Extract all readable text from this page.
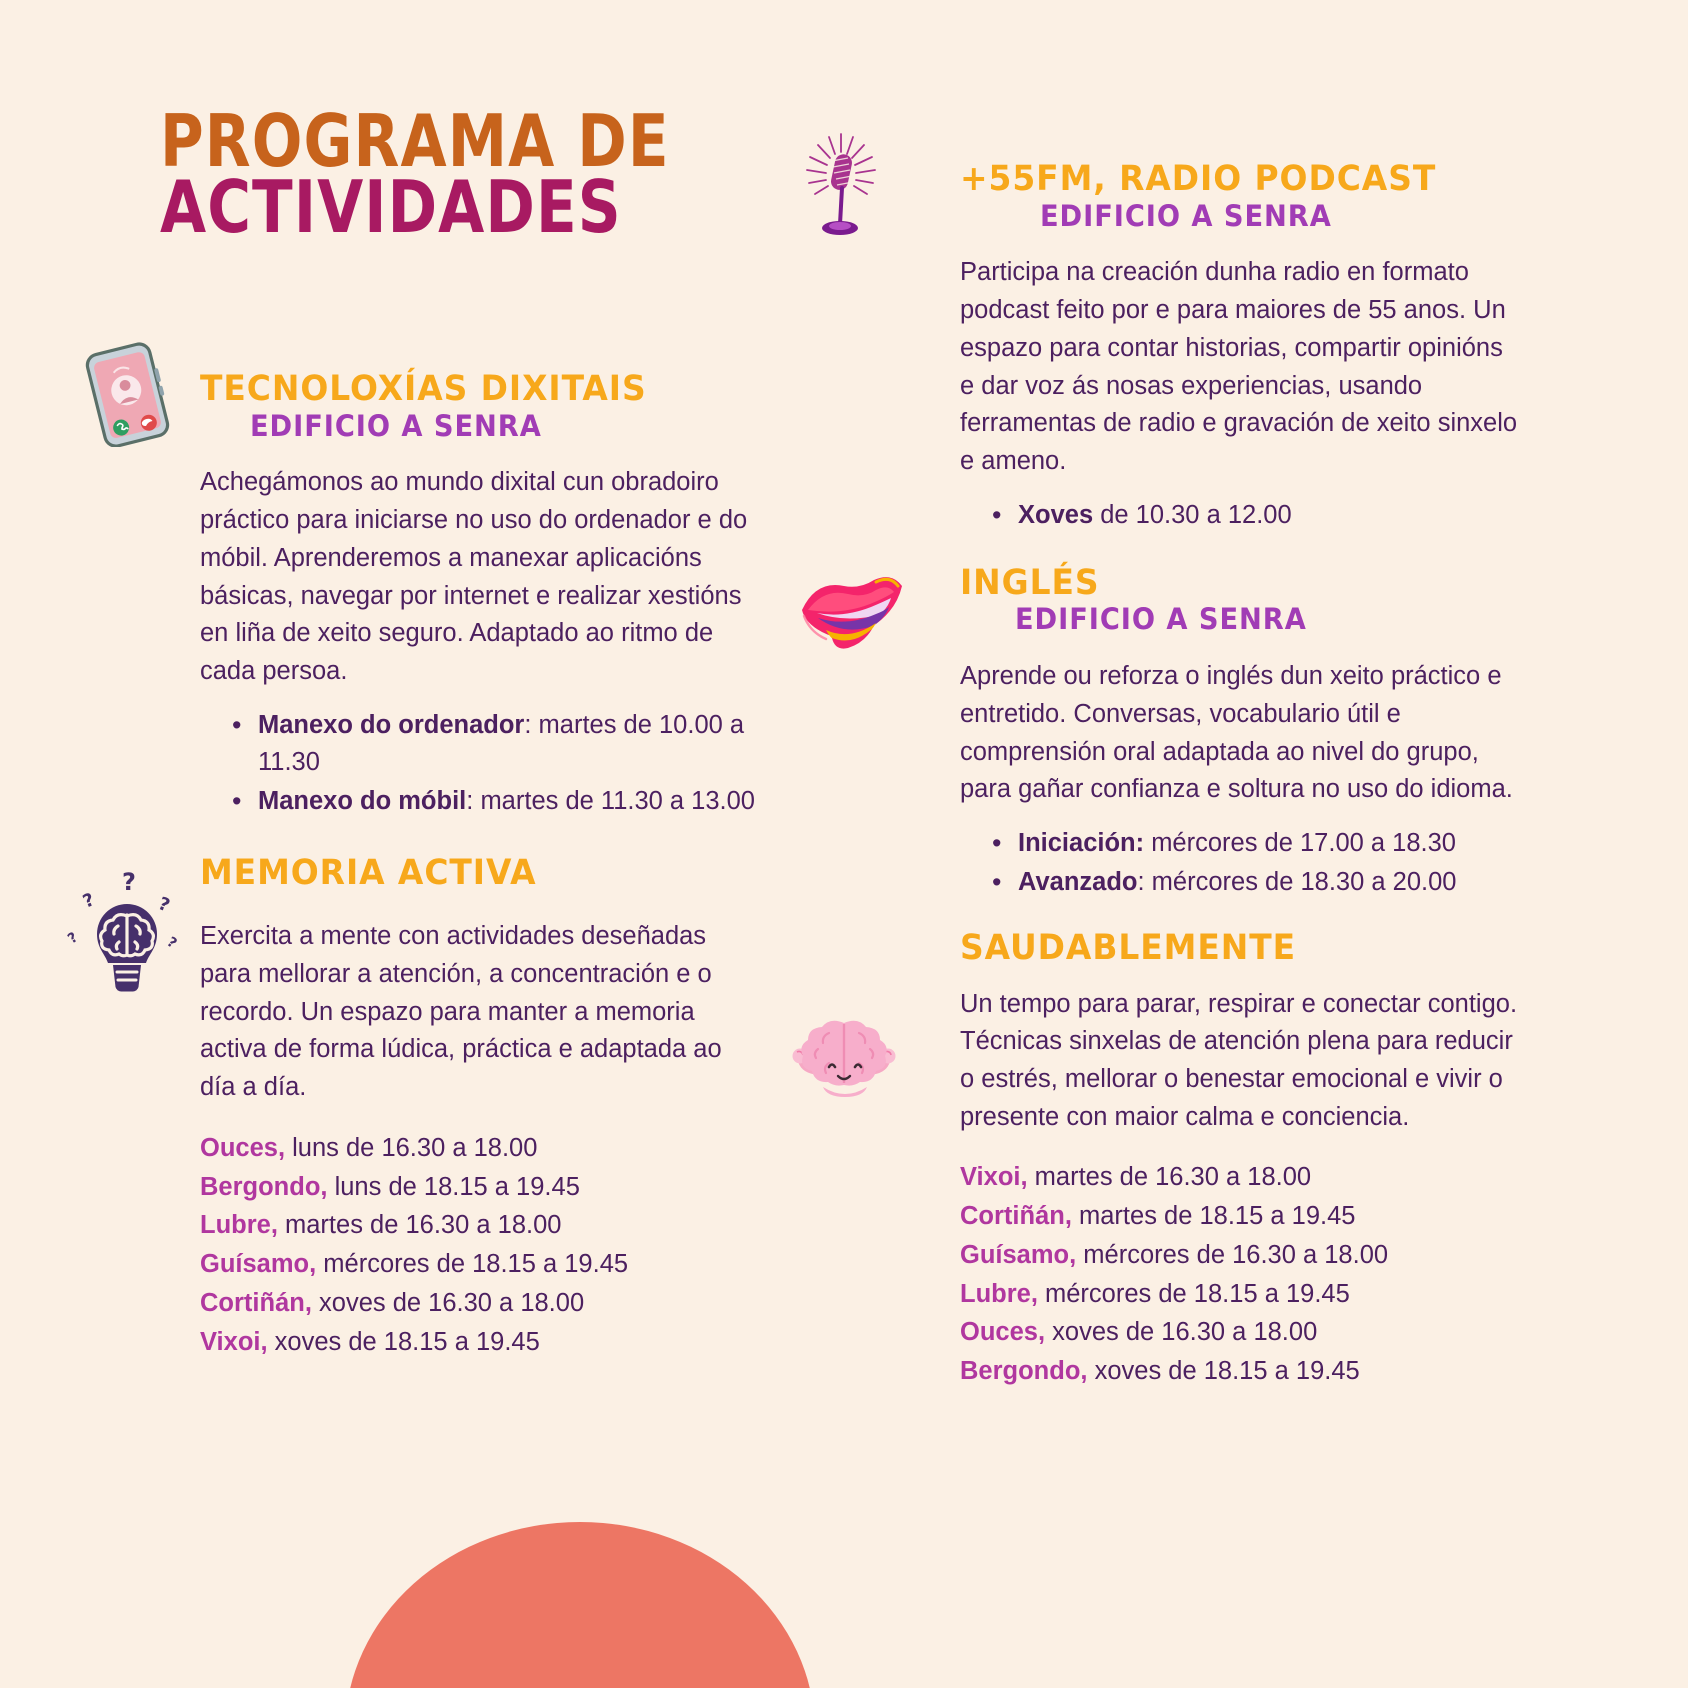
PROGRAMA DE
ACTIVIDADES
?
?	?
?	?
TECNOLOXÍAS DIXITAIS
EDIFICIO A SENRA

Achegámonos ao mundo dixital cun obradoiro práctico para iniciarse no uso do ordenador e do móbil. Aprenderemos a manexar aplicacións básicas, navegar por internet e realizar xestións en liña de xeito seguro. Adaptado ao ritmo de cada persoa.

• Manexo do ordenador: martes de 10.00 a 11.30
• Manexo do móbil: martes de 11.30 a 13.00
MEMORIA ACTIVA

Exercita a mente con actividades deseñadas para mellorar a atención, a concentración e o recordo. Un espazo para manter a memoria activa de forma lúdica, práctica e adaptada ao día a día.

Ouces, luns de 16.30 a 18.00
Bergondo, luns de 18.15 a 19.45
Lubre, martes de 16.30 a 18.00
Guísamo, mércores de 18.15 a 19.45
Cortiñán, xoves de 16.30 a 18.00
Vixoi, xoves de 18.15 a 19.45
+55FM, RADIO PODCAST
EDIFICIO A SENRA

Participa na creación dunha radio en formato podcast feito por e para maiores de 55 anos. Un espazo para contar historias, compartir opinións e dar voz ás nosas experiencias, usando ferramentas de radio e gravación de xeito sinxelo e ameno.

• Xoves de 10.30 a 12.00
INGLÉS
EDIFICIO A SENRA

Aprende ou reforza o inglés dun xeito práctico e entretido. Conversas, vocabulario útil e comprensión oral adaptada ao nivel do grupo, para gañar confianza e soltura no uso do idioma.

• Iniciación: mércores de 17.00 a 18.30
• Avanzado: mércores de 18.30 a 20.00
SAUDABLEMENTE

Un tempo para parar, respirar e conectar contigo. Técnicas sinxelas de atención plena para reducir o estrés, mellorar o benestar emocional e vivir o presente con maior calma e conciencia.

Vixoi, martes de 16.30 a 18.00
Cortiñán, martes de 18.15 a 19.45
Guísamo, mércores de 16.30 a 18.00
Lubre, mércores de 18.15 a 19.45
Ouces, xoves de 16.30 a 18.00
Bergondo, xoves de 18.15 a 19.45
